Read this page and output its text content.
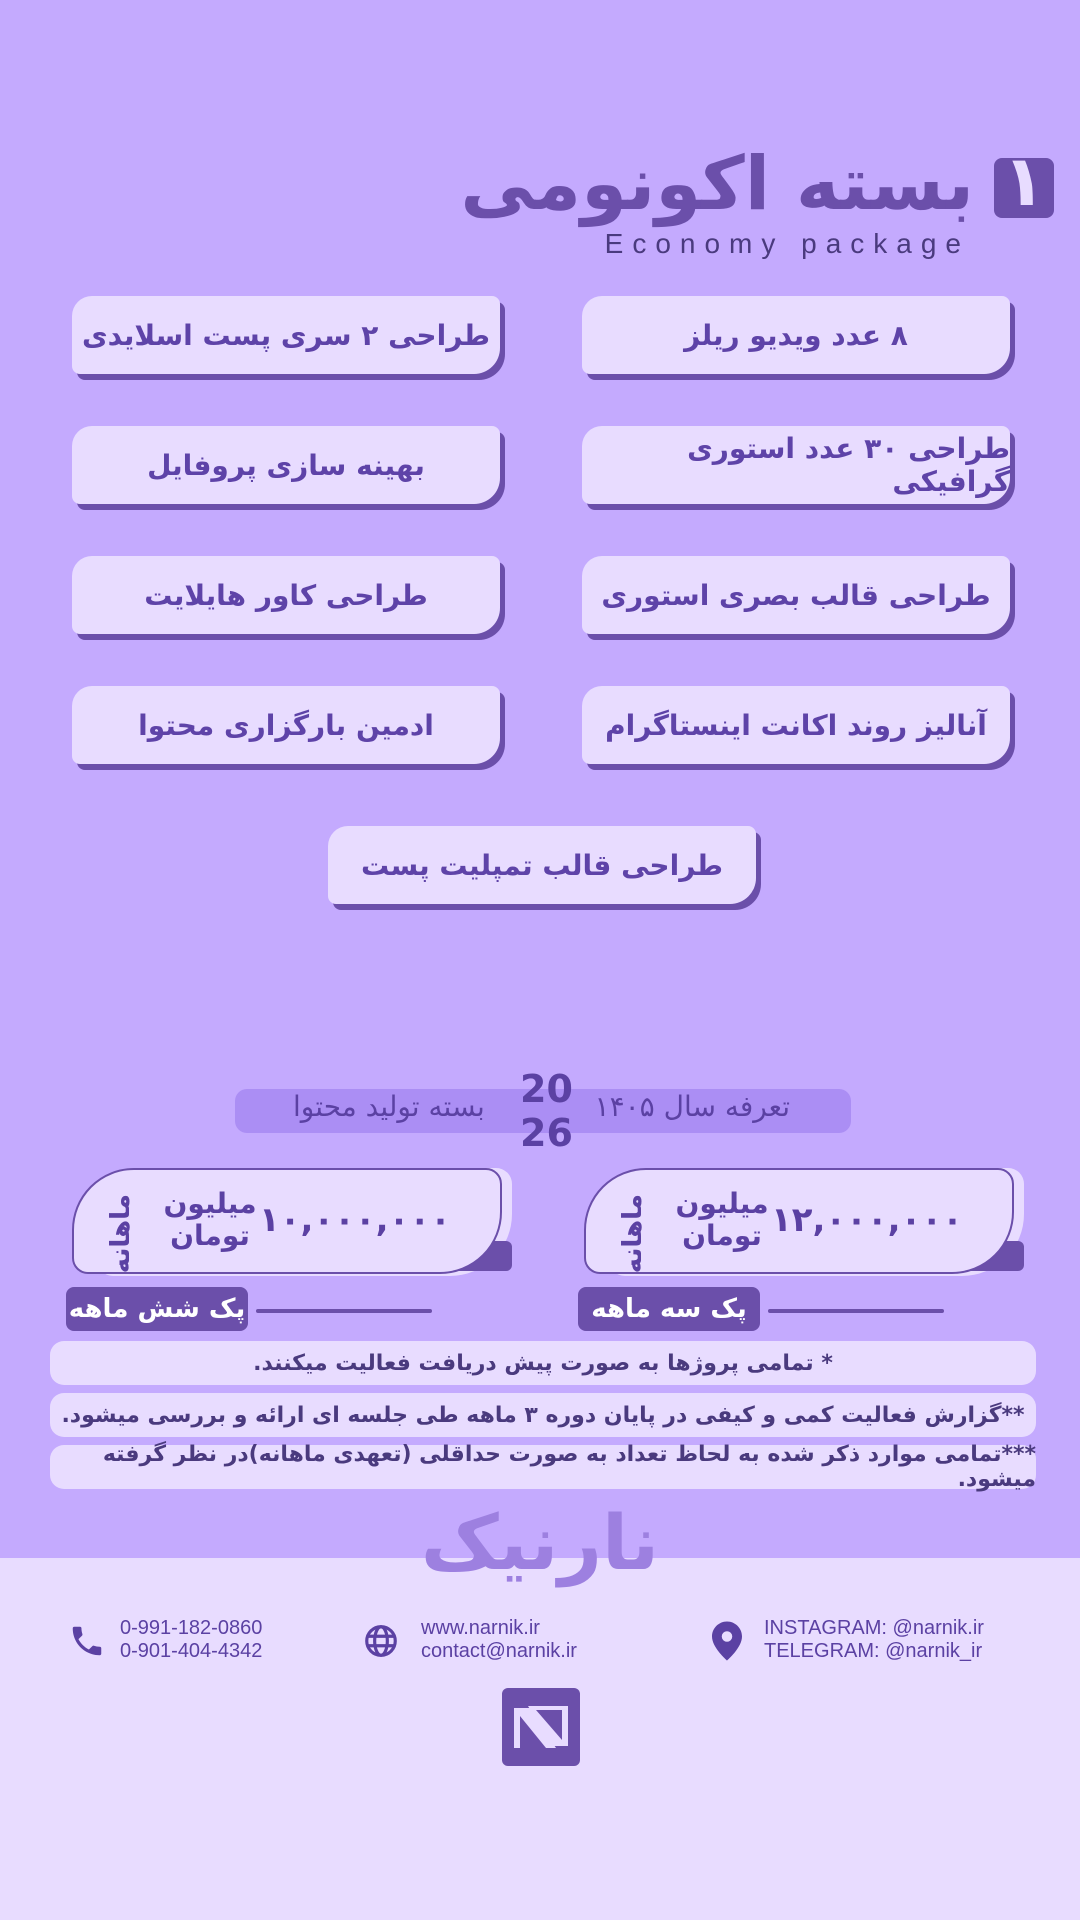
۱
بسته اکونومی
Economy package
۸ عدد ویدیو ریلز
طراحی ۲ سری پست اسلایدی
طراحی ۳۰ عدد استوری گرافیکی
بهینه سازی پروفایل
طراحی قالب بصری استوری
طراحی کاور هایلایت
آنالیز روند اکانت اینستاگرام
ادمین بارگزاری محتوا
طراحی قالب تمپلیت پست
تعرفه سال ۱۴۰۵
بسته تولید محتوا 20
26
۱۲,۰۰۰,۰۰۰
میلیون
تومان
ماهانه
۱۰,۰۰۰,۰۰۰
میلیون
تومان
ماهانه
پک سه ماهه
پک شش ماهه
* تمامی پروژها به صورت پیش دریافت فعالیت میکنند.
**گزارش فعالیت کمی و کیفی در پایان دوره ۳ ماهه طی جلسه ای ارائه و بررسی میشود.
***تمامی موارد ذکر شده به لحاظ تعداد به صورت حداقلی (تعهدی ماهانه)در نظر گرفته میشود.
نارنیک
0-991-182-0860
0-901-404-4342
www.narnik.ir
contact@narnik.ir
INSTAGRAM: @narnik.ir
TELEGRAM: @narnik_ir
